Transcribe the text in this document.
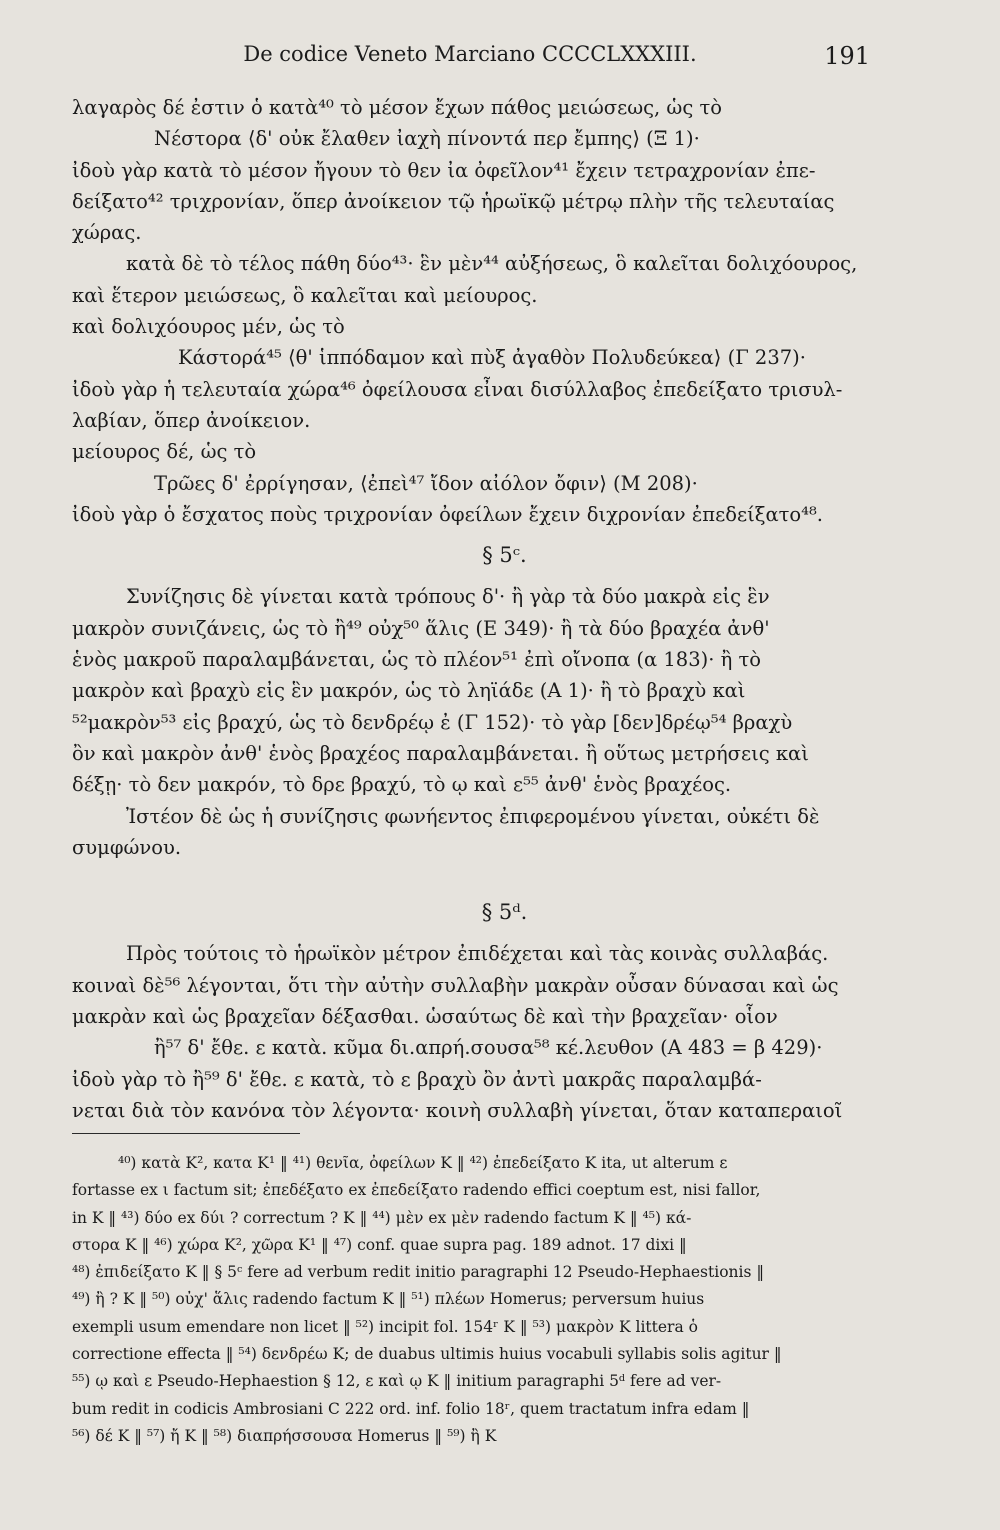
De codice Veneto Marciano CCCCLXXXIII.	191
λαγαρὸς δέ ἐστιν ὁ κατὰ⁴⁰ τὸ μέσον ἔχων πάθος μειώσεως, ὡς τὸ
Νέστορα ⟨δ' οὐκ ἔλαθεν ἰαχὴ πίνοντά περ ἔμπης⟩ (Ξ 1)·
ἰδοὺ γὰρ κατὰ τὸ μέσον ἤγουν τὸ θεν ἰα ὀφεῖλον⁴¹ ἔχειν τετραχρονίαν ἐπε-
δείξατο⁴² τριχρονίαν, ὅπερ ἀνοίκειον τῷ ἡρωϊκῷ μέτρῳ πλὴν τῆς τελευταίας
χώρας.
κατὰ δὲ τὸ τέλος πάθη δύο⁴³· ἓν μὲν⁴⁴ αὐξήσεως, ὃ καλεῖται δολιχόουρος,
καὶ ἕτερον μειώσεως, ὃ καλεῖται καὶ μείουρος.
καὶ δολιχόουρος μέν, ὡς τὸ
Κάστορά⁴⁵ ⟨θ' ἱππόδαμον καὶ πὺξ ἀγαθὸν Πολυδεύκεα⟩ (Γ 237)·
ἰδοὺ γὰρ ἡ τελευταία χώρα⁴⁶ ὀφείλουσα εἶναι δισύλλαβος ἐπεδείξατο τρισυλ-
λαβίαν, ὅπερ ἀνοίκειον.
μείουρος δέ, ὡς τὸ
Τρῶες δ' ἐρρίγησαν, ⟨ἐπεὶ⁴⁷ ἴδον αἰόλον ὄφιν⟩ (Μ 208)·
ἰδοὺ γὰρ ὁ ἔσχατος ποὺς τριχρονίαν ὀφείλων ἔχειν διχρονίαν ἐπεδείξατο⁴⁸.
§ 5ᶜ.
Συνίζησις δὲ γίνεται κατὰ τρόπους δ'· ἢ γὰρ τὰ δύο μακρὰ εἰς ἓν
μακρὸν συνιζάνεις, ὡς τὸ ἢ⁴⁹ οὐχ⁵⁰ ἅλις (Ε 349)· ἢ τὰ δύο βραχέα ἀνθ'
ἑνὸς μακροῦ παραλαμβάνεται, ὡς τὸ πλέον⁵¹ ἐπὶ οἴνοπα (α 183)· ἢ τὸ
μακρὸν καὶ βραχὺ εἰς ἓν μακρόν, ὡς τὸ ληϊάδε (Α 1)· ἢ τὸ βραχὺ καὶ
⁵²μακρὸν⁵³ εἰς βραχύ, ὡς τὸ δενδρέῳ ἐ (Γ 152)· τὸ γὰρ [δεν]δρέῳ⁵⁴ βραχὺ
ὂν καὶ μακρὸν ἀνθ' ἑνὸς βραχέος παραλαμβάνεται. ἢ οὕτως μετρήσεις καὶ
δέξῃ· τὸ δεν μακρόν, τὸ δρε βραχύ, τὸ ῳ καὶ ε⁵⁵ ἀνθ' ἑνὸς βραχέος.
Ἰστέον δὲ ὡς ἡ συνίζησις φωνήεντος ἐπιφερομένου γίνεται, οὐκέτι δὲ
συμφώνου.
§ 5ᵈ.
Πρὸς τούτοις τὸ ἡρωϊκὸν μέτρον ἐπιδέχεται καὶ τὰς κοινὰς συλλαβάς.
κοιναὶ δὲ⁵⁶ λέγονται, ὅτι τὴν αὐτὴν συλλαβὴν μακρὰν οὖσαν δύνασαι καὶ ὡς
μακρὰν καὶ ὡς βραχεῖαν δέξασθαι. ὡσαύτως δὲ καὶ τὴν βραχεῖαν· οἷον
ἢ⁵⁷ δ' ἔθε. ε κατὰ. κῦμα δι.απρή.σουσα⁵⁸ κέ.λευθον (Α 483 = β 429)·
ἰδοὺ γὰρ τὸ ἢ⁵⁹ δ' ἔθε. ε κατὰ, τὸ ε βραχὺ ὂν ἀντὶ μακρᾶς παραλαμβά-
νεται διὰ τὸν κανόνα τὸν λέγοντα· κοινὴ συλλαβὴ γίνεται, ὅταν καταπεραιοῖ
⁴⁰) κατὰ K², κατα K¹ ‖ ⁴¹) θενῖα, ὀφείλων K ‖ ⁴²) ἐπεδείξατο K ita, ut alterum ε
fortasse ex ι factum sit; ἐπεδέξατο ex ἐπεδείξατο radendo effici coeptum est, nisi fallor,
in K ‖ ⁴³) δύο ex δύι ? correctum ? K ‖ ⁴⁴) μὲν ex μὲν radendo factum K ‖ ⁴⁵) κά-
στορα K ‖ ⁴⁶) χώρα K², χῶρα K¹ ‖ ⁴⁷) conf. quae supra pag. 189 adnot. 17 dixi ‖
⁴⁸) ἐπιδείξατο K ‖ § 5ᶜ fere ad verbum redit initio paragraphi 12 Pseudo-Hephaestionis ‖
⁴⁹) ἢ ? K ‖ ⁵⁰) οὐχ' ἅλις radendo factum K ‖ ⁵¹) πλέων Homerus; perversum huius
exempli usum emendare non licet ‖ ⁵²) incipit fol. 154ʳ K ‖ ⁵³) μακρὸν K littera ὁ
correctione effecta ‖ ⁵⁴) δενδρέω K; de duabus ultimis huius vocabuli syllabis solis agitur ‖
⁵⁵) ῳ καὶ ε Pseudo-Hephaestion § 12, ε καὶ ῳ K ‖ initium paragraphi 5ᵈ fere ad ver-
bum redit in codicis Ambrosiani C 222 ord. inf. folio 18ʳ, quem tractatum infra edam ‖
⁵⁶) δέ K ‖ ⁵⁷) ἤ K ‖ ⁵⁸) διαπρήσσουσα Homerus ‖ ⁵⁹) ἢ K
